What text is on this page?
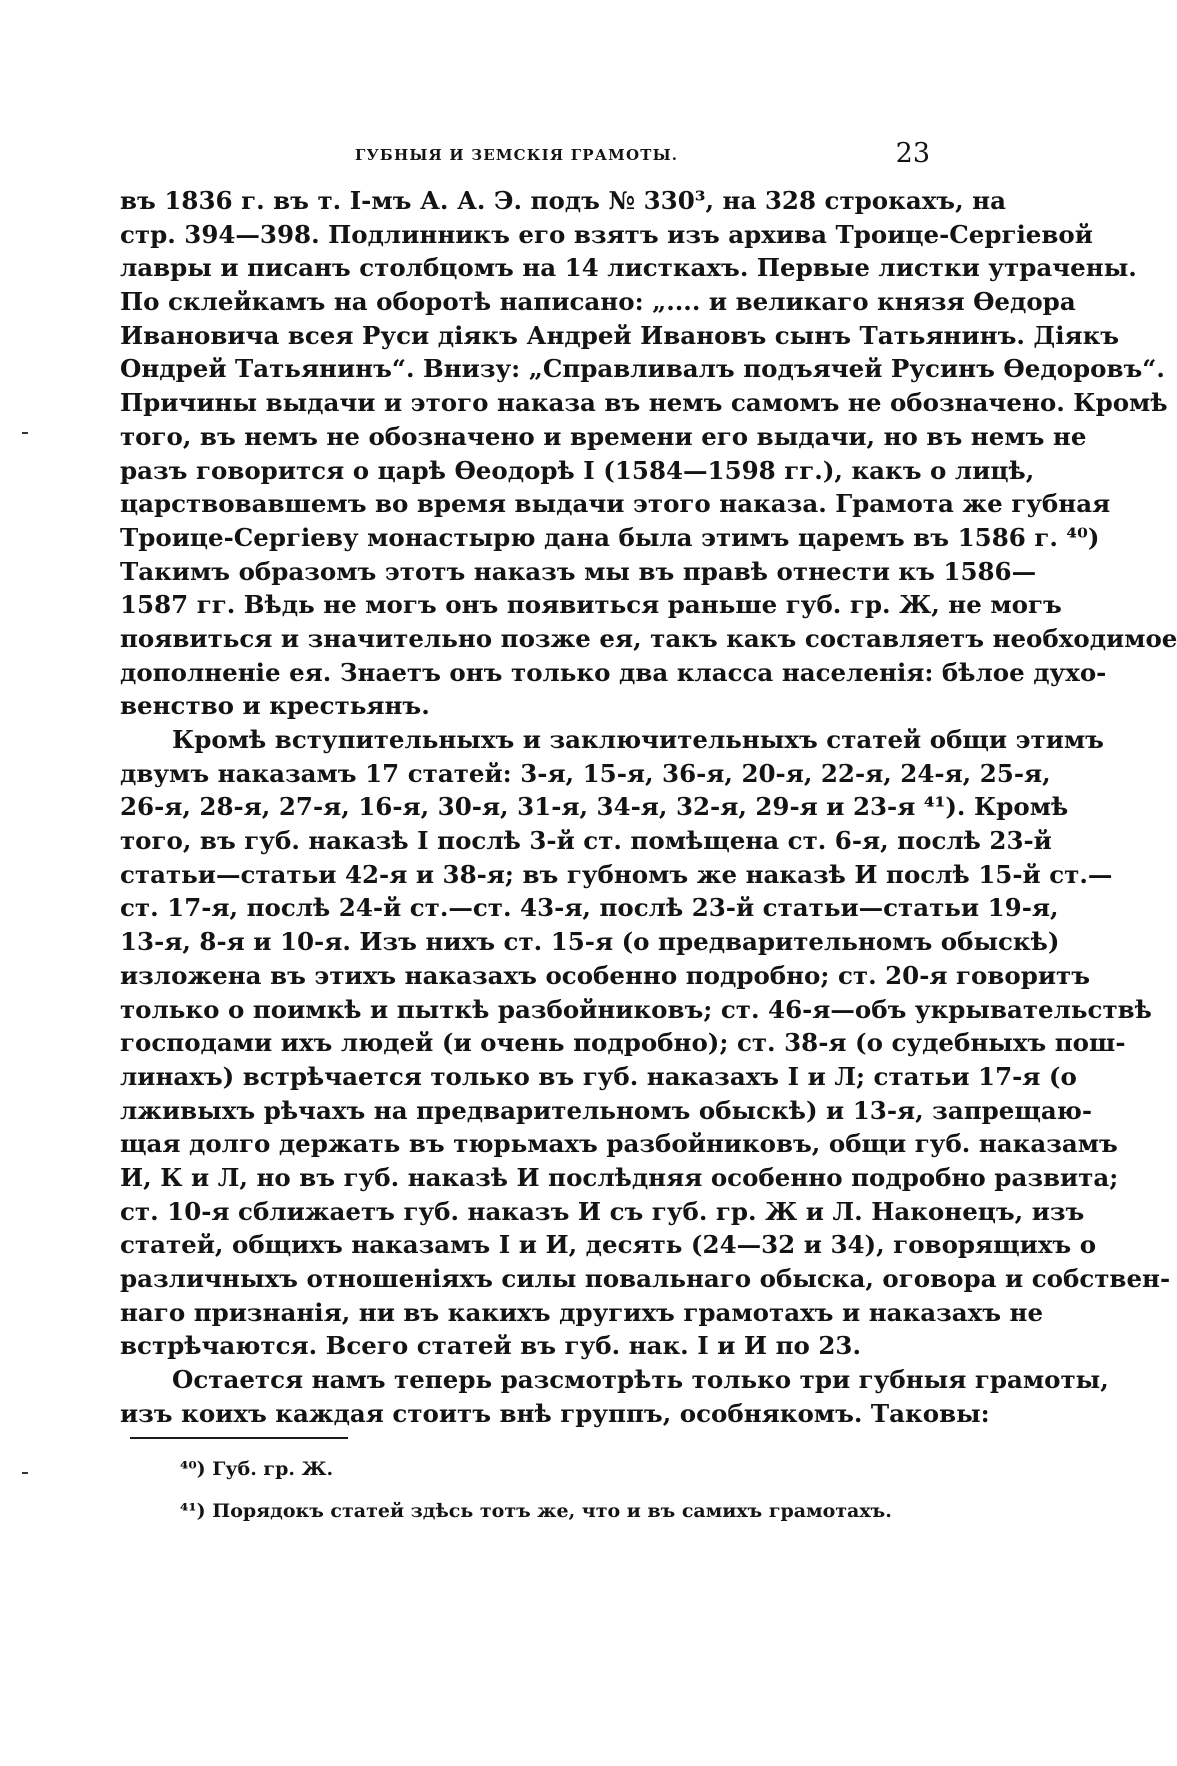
ГУБНЫЯ И ЗЕМСКІЯ ГРАМОТЫ.	23
въ 1836 г. въ т. І-мъ А. А. Э. подъ № 330³, на 328 строкахъ, на
стр. 394—398. Подлинникъ его взятъ изъ архива Троице-Сергіевой
лавры и писанъ столбцомъ на 14 листкахъ. Первые листки утрачены.
По склейкамъ на оборотѣ написано: „.... и великаго князя Өедора
Ивановича всея Руси діякъ Андрей Ивановъ сынъ Татьянинъ. Діякъ
Ондрей Татьянинъ“. Внизу: „Справливалъ подъячей Русинъ Өедоровъ“.
Причины выдачи и этого наказа въ немъ самомъ не обозначено. Кромѣ
того, въ немъ не обозначено и времени его выдачи, но въ немъ не
разъ говорится о царѣ Өеодорѣ І (1584—1598 гг.), какъ о лицѣ,
царствовавшемъ во время выдачи этого наказа. Грамота же губная
Троице-Сергіеву монастырю дана была этимъ царемъ въ 1586 г. ⁴⁰)
Такимъ образомъ этотъ наказъ мы въ правѣ отнести къ 1586—
1587 гг. Вѣдь не могъ онъ появиться раньше губ. гр. Ж, не могъ
появиться и значительно позже ея, такъ какъ составляетъ необходимое
дополненіе ея. Знаетъ онъ только два класса населенія: бѣлое духо-
венство и крестьянъ.
Кромѣ вступительныхъ и заключительныхъ статей общи этимъ
двумъ наказамъ 17 статей: 3-я, 15-я, 36-я, 20-я, 22-я, 24-я, 25-я,
26-я, 28-я, 27-я, 16-я, 30-я, 31-я, 34-я, 32-я, 29-я и 23-я ⁴¹). Кромѣ
того, въ губ. наказѣ І послѣ 3-й ст. помѣщена ст. 6-я, послѣ 23-й
статьи—статьи 42-я и 38-я; въ губномъ же наказѣ И послѣ 15-й ст.—
ст. 17-я, послѣ 24-й ст.—ст. 43-я, послѣ 23-й статьи—статьи 19-я,
13-я, 8-я и 10-я. Изъ нихъ ст. 15-я (о предварительномъ обыскѣ)
изложена въ этихъ наказахъ особенно подробно; ст. 20-я говоритъ
только о поимкѣ и пыткѣ разбойниковъ; ст. 46-я—объ укрывательствѣ
господами ихъ людей (и очень подробно); ст. 38-я (о судебныхъ пош-
линахъ) встрѣчается только въ губ. наказахъ І и Л; статьи 17-я (о
лживыхъ рѣчахъ на предварительномъ обыскѣ) и 13-я, запрещаю-
щая долго держать въ тюрьмахъ разбойниковъ, общи губ. наказамъ
И, К и Л, но въ губ. наказѣ И послѣдняя особенно подробно развита;
ст. 10-я сближаетъ губ. наказъ И съ губ. гр. Ж и Л. Наконецъ, изъ
статей, общихъ наказамъ І и И, десять (24—32 и 34), говорящихъ о
различныхъ отношеніяхъ силы повальнаго обыска, оговора и собствен-
наго признанія, ни въ какихъ другихъ грамотахъ и наказахъ не
встрѣчаются. Всего статей въ губ. нак. І и И по 23.
Остается намъ теперь разсмотрѣть только три губныя грамоты,
изъ коихъ каждая стоитъ внѣ группъ, особнякомъ. Таковы:
⁴⁰) Губ. гр. Ж.
⁴¹) Порядокъ статей здѣсь тотъ же, что и въ самихъ грамотахъ.
